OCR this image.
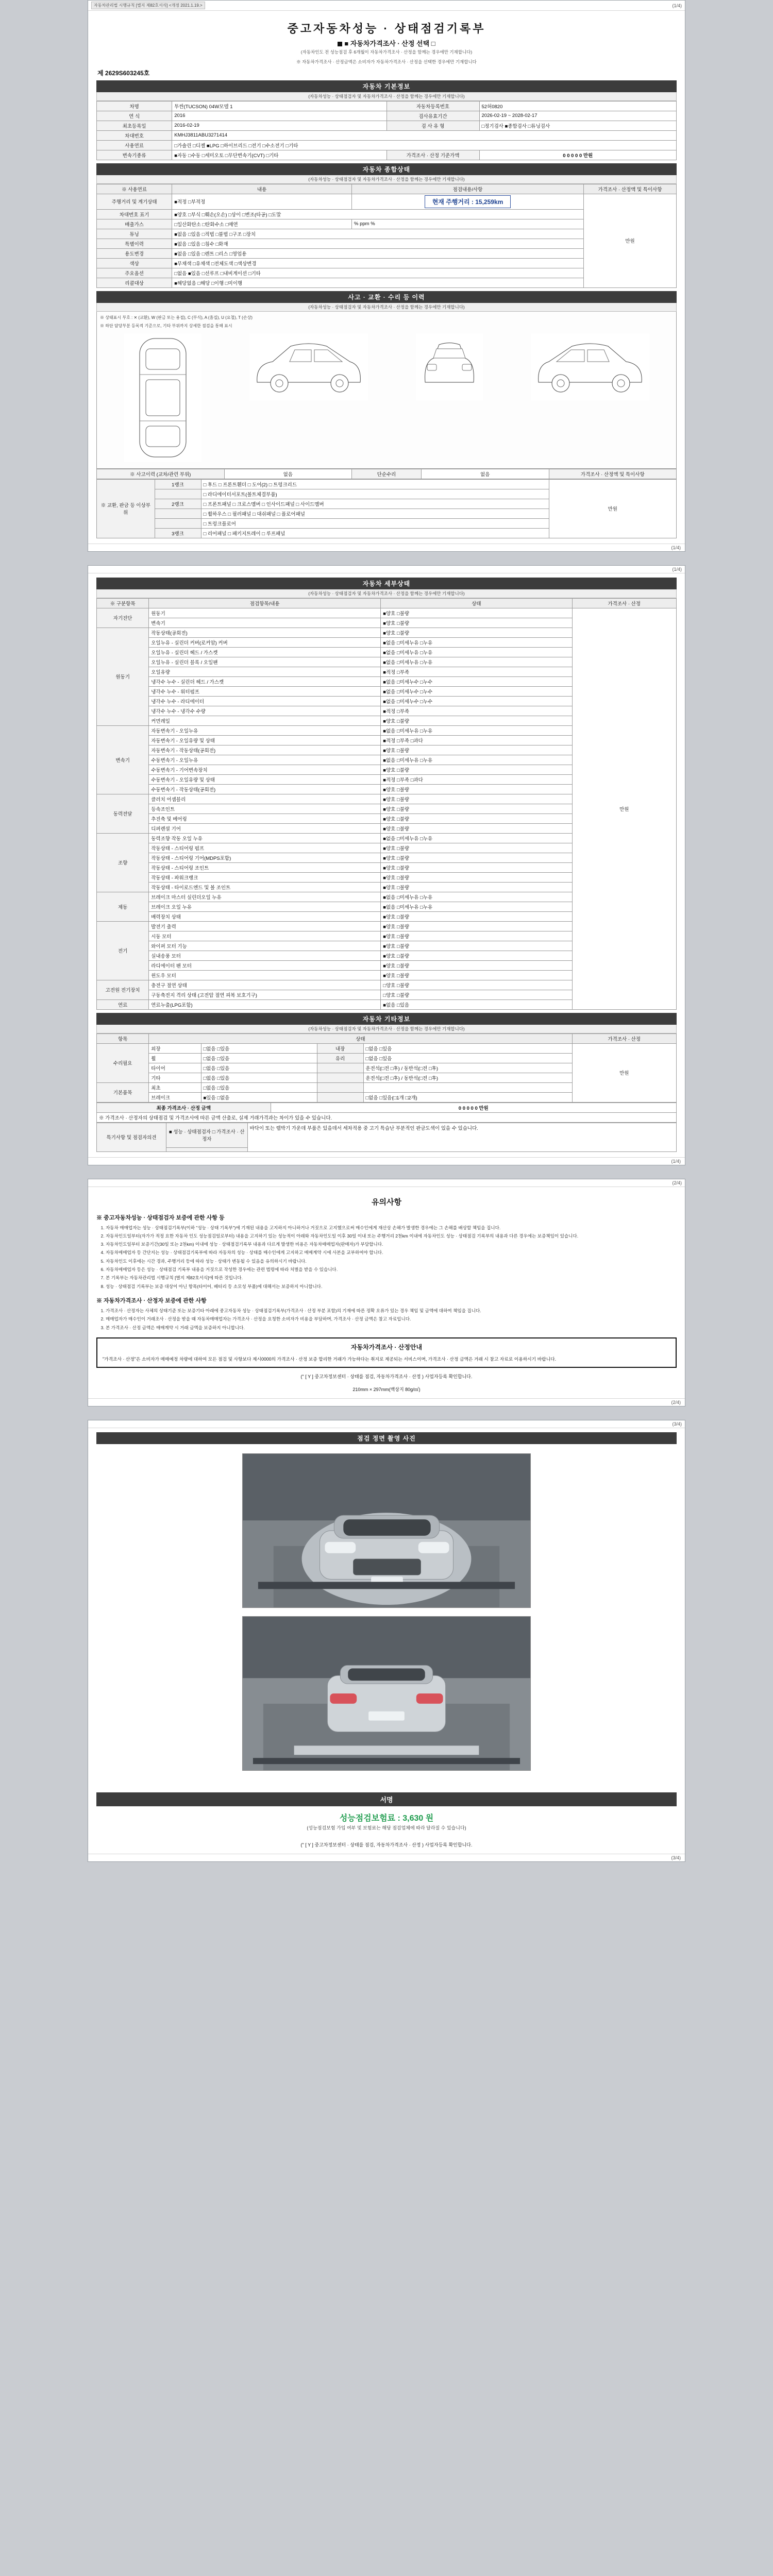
자동차관리법 시행규칙 [별지 제82호서식] <개정 2021.1.19.>	(1/4)
중고자동차성능 · 상태점검기록부
■ 자동차가격조사 · 산정 선택 □
(자동차인도 전 성능점검 후 6개월이 자동차가격조사 · 산정을 함께는 경우에만 기재합니다)
※ 자동차가격조사 · 산정금액은 소비자가 자동차가격조사 · 산정을 선택한 경우에만 기재합니다
제 2629S603245호
자동차 기본정보
(자동차성능 · 상태점검자 및 자동차가격조사 · 산정을 함께는 경우에만 기재합니다)
차명	투싼(TUCSON) 04W모델 1	자동차등록번호	52허0820
연 식	2016	검사유효기간	2026-02-19 ~ 2028-02-17
최초등록일	2016-02-19	검 사 유 형	□정기검사 ■종합검사 □튜닝검사
차대번호	KMHJ3811ABU3271414		
사용연료	□가솔린 □디젤 ■LPG □하이브리드 □전기 □수소전기 □기타		
변속기종류	■자동 □수동 □세미오토 □무단변속기(CVT) □기타	가격조사 · 산정 기준가액	0 0 0 0 0 만원
자동차 종합상태
(자동차성능 · 상태점검자 및 자동차가격조사 · 산정을 함께는 경우에만 기재합니다)
※ 사용연료	내용	점검내용/사항	가격조사 · 산정액 및 특이사항
주행거리 및 계기상태	■적정 □부적정	현재 주행거리 : 15,259km	만원
차대번호 표기	■양호 □부식 □훼손(오손) □상이 □변조(타공) □도말		
배출가스	□일산화탄소 □탄화수소 □매연	% ppm %	
튜닝	■없음 □있음 □적법 □불법 □구조 □장치		
특별이력	■없음 □있음 □침수 □화재		
용도변경	■없음 □있음 □렌트 □리스 □영업용		
색상	■무채색 □유채색 □전체도색 □색상변경		
주요옵션	□없음 ■있음 □선루프 □내비게이션 □기타		
리콜대상	■해당없음 □해당 □이행 □미이행		
사고 · 교환 · 수리 등 이력
(자동차성능 · 상태점검자 및 자동차가격조사 · 산정을 함께는 경우에만 기재합니다)
※ 상태표시 부호 : ✕ (교환), W (판금 또는 용접), C (부식), A (흠집), U (요철), T (손상)
※ 하단 담당부분 등록적 기준으로, 기타 부위까지 상세한 점검을 통해 표시
※ 사고이력 (교차/관련 부위)	없음	단순수리	없음	가격조사 · 산정액 및 특이사항
※ 교환, 판금 등 이상부위	1랭크	□ 후드 □ 프론트휀더 □ 도어(2) □ 트렁크리드	만원
		□ 라디에이터서포트(볼트체결부품)	
	2랭크	□ 프론트패널 □ 크로스멤버 □ 인사이드패널 □ 사이드멤버	
		□ 휠하우스 □ 필러패널 □ 대쉬패널 □ 플로어패널	
		□ 트렁크플로어	
	3랭크	□ 리어패널 □ 패키지트레이 □ 루프패널	
(1/4)
(1/4)
자동차 세부상태
(자동차성능 · 상태점검자 및 자동차가격조사 · 산정을 함께는 경우에만 기재합니다)
※ 구분항목	점검항목/내용	상태	가격조사 · 산정
자기진단	원동기	■양호 □불량	만원
	변속기	■양호 □불량	
원동기	작동상태(공회전)	■양호 □불량	
	오일누유 - 실린더 커버(로커암) 커버	■없음 □미세누유 □누유	
	오일누유 - 실린더 헤드 / 가스켓	■없음 □미세누유 □누유	
	오일누유 - 실린더 블록 / 오일팬	■없음 □미세누유 □누유	
	오일유량	■적정 □부족	
	냉각수 누수 - 실린더 헤드 / 가스켓	■없음 □미세누수 □누수	
	냉각수 누수 - 워터펌프	■없음 □미세누수 □누수	
	냉각수 누수 - 라디에이터	■없음 □미세누수 □누수	
	냉각수 누수 - 냉각수 수량	■적정 □부족	
	커먼레일	■양호 □불량	
변속기	자동변속기 - 오일누유	■없음 □미세누유 □누유	
	자동변속기 - 오일유량 및 상태	■적정 □부족 □과다	
	자동변속기 - 작동상태(공회전)	■양호 □불량	
	수동변속기 - 오일누유	■없음 □미세누유 □누유	
	수동변속기 - 기어변속장치	■양호 □불량	
	수동변속기 - 오일유량 및 상태	■적정 □부족 □과다	
	수동변속기 - 작동상태(공회전)	■양호 □불량	
동력전달	클러치 어셈블리	■양호 □불량	
	등속조인트	■양호 □불량	
	추진축 및 베어링	■양호 □불량	
	디퍼렌셜 기어	■양호 □불량	
조향	동력조향 작동 오일 누유	■없음 □미세누유 □누유	
	작동상태 - 스티어링 펌프	■양호 □불량	
	작동상태 - 스티어링 기어(MDPS포함)	■양호 □불량	
	작동상태 - 스티어링 조인트	■양호 □불량	
	작동상태 - 파워크랭크	■양호 □불량	
	작동상태 - 타이로드엔드 및 볼 조인트	■양호 □불량	
제동	브레이크 마스터 실린더오일 누유	■없음 □미세누유 □누유	
	브레이크 오일 누유	■없음 □미세누유 □누유	
	배력장치 상태	■양호 □불량	
전기	발전기 출력	■양호 □불량	
	시동 모터	■양호 □불량	
	와이퍼 모터 기능	■양호 □불량	
	실내송풍 모터	■양호 □불량	
	라디에이터 팬 모터	■양호 □불량	
	윈도우 모터	■양호 □불량	
고전원 전기장치	충전구 절연 상태	□양호 □불량	
	구동축전지 격리 상태 (고전압 절연 피복 보호기구)	□양호 □불량	
연료	연료누출(LPG포함)	■없음 □있음	
자동차 기타정보
(자동차성능 · 상태점검자 및 자동차가격조사 · 산정을 함께는 경우에만 기재합니다)
항목	상태				가격조사 · 산정
수리필요	외장	□없음 □있음	내장	□없음 □있음	만원
	휠	□없음 □있음	유리	□없음 □있음	
	타이어	□없음 □있음		운전석(□전 □후) / 동반석(□전 □후)	
	기타	□없음 □있음		운전석(□전 □후) / 동반석(□전 □후)	
기본품목	최초	□없음 □있음			
	브레이크	■있음 □없음		□없음 □있음(□1개 □2개)	
최종 가격조사 · 산정 금액	0 0 0 0 0 만원
※ 가격조사 · 산정자의 상태점검 및 가격조사에 따른 금액 산출로, 실제 거래가격과는 차이가 있을 수 있습니다.
특기사항 및 점검자의견	■ 성능 · 상태점검자 □ 가격조사 · 산정자	바닥이 또는 랩박기 가운데 부품은 있을데서 세차적용 중 고기 특습난 부분적인 판금도색이 있을 수 있습니다.

(1/4)
(2/4)
유의사항
※ 중고자동차성능 · 상태점검자 보증에 관한 사항 등
1. 자동차 매매업자는 성능 · 상태점검기록부(이하 "성능 · 상태 기록부")에 기재된 내용을 고지하지 아니하거나 거짓으로 고지했으로써 매수인에게 재산상 손해가 발생한 경우에는 그 손해를 배상할 책임을 집니다.
2. 자동차인도일부터(자가가 적정 요한 자동차 인도 성능점검일로부터) 내용을 고지하기 있는 성능적이 아래와 자동차인도일 이후 30일 이내 또는 주행거리 2천km 이내에 자동차인도 성능 · 상태점검 기록부의 내용과 다른 경우에는 보증책임이 있습니다.
3. 자동차인도일부터 보증기간(30일 또는 2천km) 이내에 성능 · 상태점검기록부 내용과 다르게 발생한 비용은 자동차매매업자(판매자)가 부담합니다.
4. 자동차매매업자 등 간단지는 성능 · 상태점검기록부에 따라 자동차의 성능 · 상태를 매수인에게 고지하고 매매계약 시에 사본을 교부하여야 합니다.
5. 자동차인도 이후에는 시간 경과, 주행거리 등에 따라 성능 · 상태가 변동될 수 있음을 유의하시기 바랍니다.
6. 자동차매매업자 등은 성능 · 상태점검 기록부 내용을 거짓으로 작성한 경우에는 관련 법령에 따라 처벌을 받을 수 있습니다.
7. 본 기록부는 자동차관리법 시행규칙 [별지 제82호서식]에 따른 것입니다.
8. 성능 · 상태점검 기록부는 보증 대상이 아닌 항목(타이어, 배터리 등 소모성 부품)에 대해서는 보증하지 아니합니다.
※ 자동차가격조사 · 산정자 보증에 관한 사항
1. 가격조사 · 산정자는 사체의 상태기준 또는 보증기타 아래에 중고자동차 성능 · 상태점검기록부(가격조사 · 산정 부분 포함)의 기재에 따른 정확 오류가 있는 경우 책임 및 금액에 대하여 책임을 집니다.
2. 매매업자가 매수인이 거래조사 · 산정을 받을 때 자동차매매업자는 가격조사 · 산정을 요청한 소비자가 비용을 부담하며, 가격조사 · 산정 금액은 참고 자료입니다.
3. 본 가격조사 · 산정 금액은 매매계약 시 거래 금액을 보증하지 아니합니다.
자동차가격조사 · 산정안내
"가격조사 · 산정"은 소비자가 매매예정 차량에 대하여 모든 점검 및 사항보다 제시0000의 가격조사 · 산정 보증 합리한 거래가 가능하다는 취지로 제공되는 서비스이며, 가격조사 · 산정 금액은 거래 시 참고 자료로 이용하시기 바랍니다.
(" [ Y ] 중고차정보센터 · 상태를 점검, 자동차가격조사 · 산정 ) 사업자등록 확인합니다.
210mm × 297mm(백상지 80g/㎡)
(2/4)
(3/4)
점검 정면 촬영 사진
서명
성능점검보험료 : 3,630 원
(성능점검보험 가입 여부 및 보험료는 해당 점검업체에 따라 달라질 수 있습니다)
(" [ Y ] 중고차정보센터 · 상태를 점검, 자동차가격조사 · 산정 ) 사업자등록 확인합니다.
(3/4)
